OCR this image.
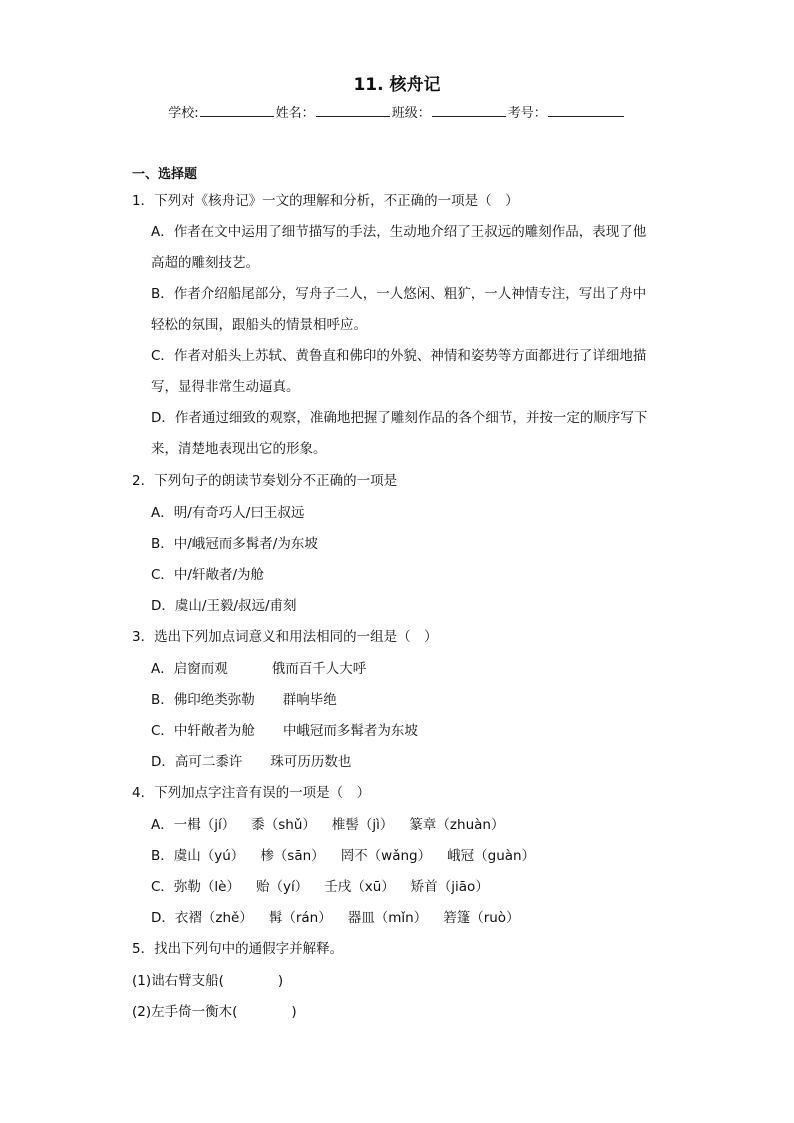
11. 核舟记
学校:	姓名：	班级：	考号：
一、选择题
1．下列对《核舟记》一文的理解和分析，不正确的一项是（　）
A．作者在文中运用了细节描写的手法，生动地介绍了王叔远的雕刻作品，表现了他
高超的雕刻技艺。
B．作者介绍船尾部分，写舟子二人，一人悠闲、粗犷，一人神情专注，写出了舟中
轻松的氛围，跟船头的情景相呼应。
C．作者对船头上苏轼、黄鲁直和佛印的外貌、神情和姿势等方面都进行了详细地描
写，显得非常生动逼真。
D．作者通过细致的观察，准确地把握了雕刻作品的各个细节，并按一定的顺序写下
来，清楚地表现出它的形象。
2．下列句子的朗读节奏划分不正确的一项是
A．明/有奇巧人/曰王叔远
B．中/峨冠而多髯者/为东坡
C．中/轩敞者/为舱
D．虞山/王毅/叔远/甫刻
3．选出下列加点词意义和用法相同的一组是（　）
A．启窗而观	俄而百千人大呼
B．佛印绝类弥勒 群响毕绝
C．中轩敞者为舱 中峨冠而多髯者为东坡
D．高可二黍许 珠可历历数也
4．下列加点字注音有误的一项是（　）
A．一楫（jí） 黍（shǔ） 椎髻（jì） 篆章（zhuàn）
B．虞山（yú） 椮（sān） 罔不（wǎng） 峨冠（guàn）
C．弥勒（lè） 贻（yí） 壬戌（xū） 矫首（jiāo）
D．衣褶（zhě） 髯（rán） 器皿（mǐn） 箬篷（ruò）
5．找出下列句中的通假字并解释。
(1)诎右臂支船(　　　　)
(2)左手倚一衡木(　　　　)
